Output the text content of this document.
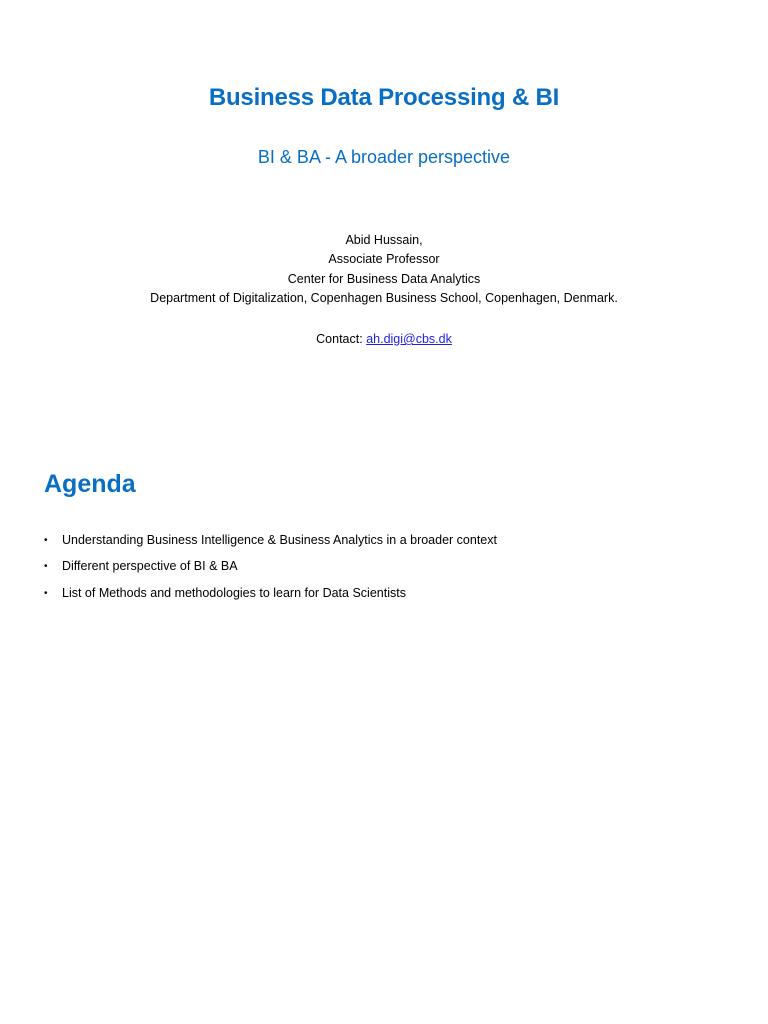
Business Data Processing & BI
BI & BA - A broader perspective
Abid Hussain,
Associate Professor
Center for Business Data Analytics
Department of Digitalization, Copenhagen Business School, Copenhagen, Denmark.
Contact: ah.digi@cbs.dk
Agenda
• Understanding Business Intelligence & Business Analytics in a broader context
• Different perspective of BI & BA
• List of Methods and methodologies to learn for Data Scientists
